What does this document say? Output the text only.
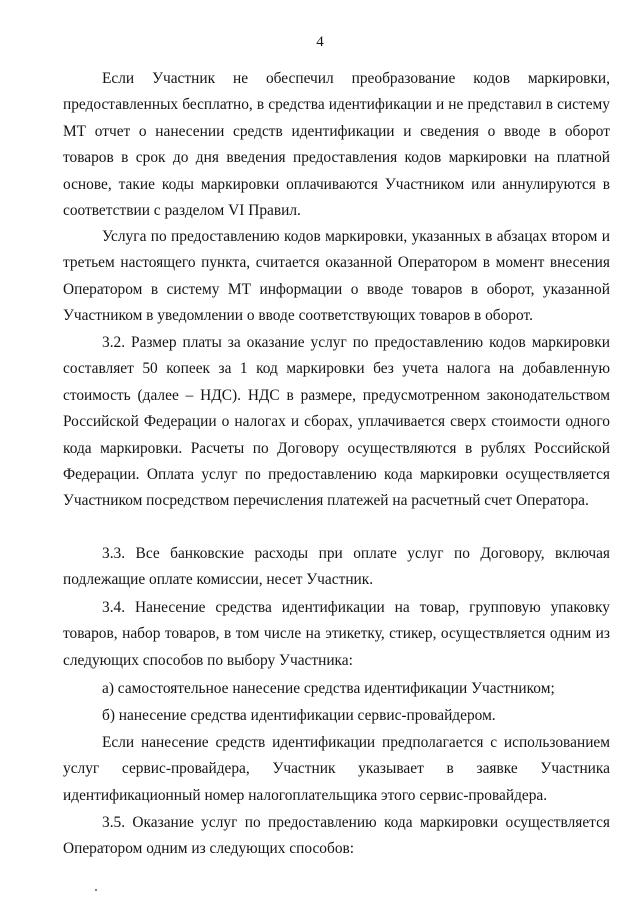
4

Если Участник не обеспечил преобразование кодов маркировки, предоставленных бесплатно, в средства идентификации и не представил в систему МТ отчет о нанесении средств идентификации и сведения о вводе в оборот товаров в срок до дня введения предоставления кодов маркировки на платной основе, такие коды маркировки оплачиваются Участником или аннулируются в соответствии с разделом VI Правил.

Услуга по предоставлению кодов маркировки, указанных в абзацах втором и третьем настоящего пункта, считается оказанной Оператором в момент внесения Оператором в систему МТ информации о вводе товаров в оборот, указанной Участником в уведомлении о вводе соответствующих товаров в оборот.

3.2. Размер платы за оказание услуг по предоставлению кодов маркировки составляет 50 копеек за 1 код маркировки без учета налога на добавленную стоимость (далее – НДС). НДС в размере, предусмотренном законодательством Российской Федерации о налогах и сборах, уплачивается сверх стоимости одного кода маркировки. Расчеты по Договору осуществляются в рублях Российской Федерации. Оплата услуг по предоставлению кода маркировки осуществляется Участником посредством перечисления платежей на расчетный счет Оператора.

3.3. Все банковские расходы при оплате услуг по Договору, включая подлежащие оплате комиссии, несет Участник.

3.4. Нанесение средства идентификации на товар, групповую упаковку товаров, набор товаров, в том числе на этикетку, стикер, осуществляется одним из следующих способов по выбору Участника:

а) самостоятельное нанесение средства идентификации Участником;

б) нанесение средства идентификации сервис-провайдером.

Если нанесение средств идентификации предполагается с использованием услуг сервис-провайдера, Участник указывает в заявке Участника идентификационный номер налогоплательщика этого сервис-провайдера.

3.5. Оказание услуг по предоставлению кода маркировки осуществляется Оператором одним из следующих способов:
